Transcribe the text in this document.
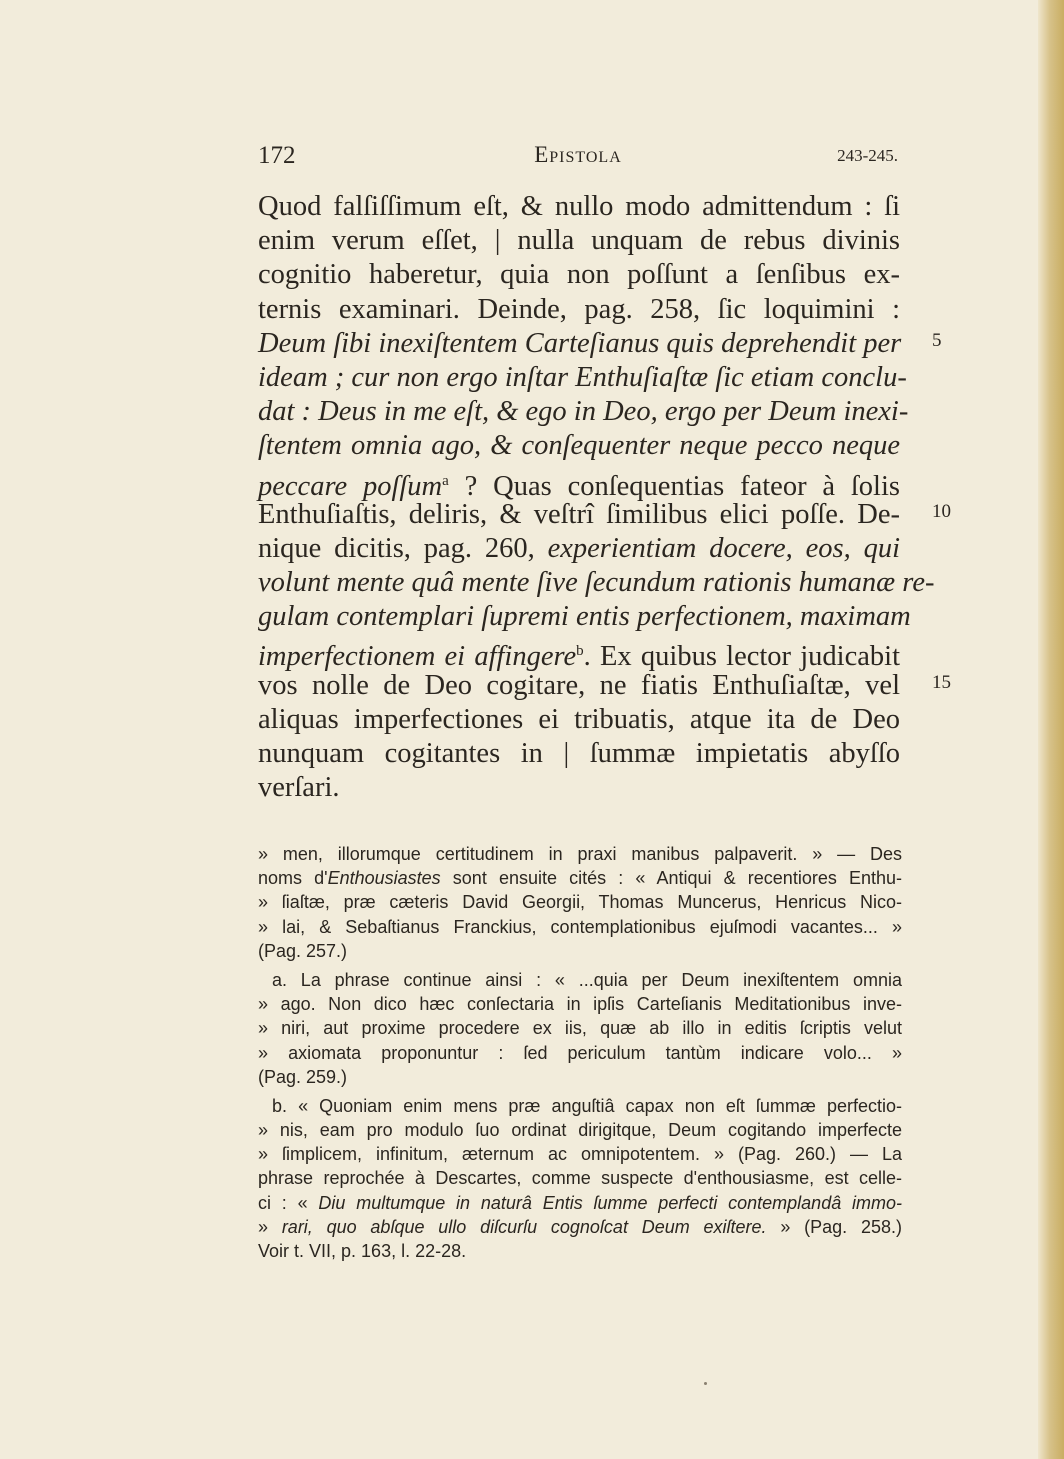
172	Epistola	243-245.
Quod falſiſſimum eſt, & nullo modo admittendum : ſi
enim verum eſſet, | nulla unquam de rebus divinis
cognitio haberetur, quia non poſſunt a ſenſibus ex-
ternis examinari. Deinde, pag. 258, ſic loquimini :
Deum ſibi inexiſtentem Carteſianus quis deprehendit per
ideam ; cur non ergo inſtar Enthuſiaſtæ ſic etiam conclu-
dat : Deus in me eſt, & ego in Deo, ergo per Deum inexi-
ſtentem omnia ago, & conſequenter neque pecco neque
peccare poſſum$^a$ ? Quas conſequentias fateor à ſolis
Enthuſiaſtis, deliris, & veſtrî ſimilibus elici poſſe. De-
nique dicitis, pag. 260, experientiam docere, eos, qui
volunt mente quâ mente ſive ſecundum rationis humanæ re-
gulam contemplari ſupremi entis perfectionem, maximam
imperfectionem ei affingere$^b$. Ex quibus lector judicabit
vos nolle de Deo cogitare, ne fiatis Enthuſiaſtæ, vel
aliquas imperfectiones ei tribuatis, atque ita de Deo
nunquam cogitantes in | ſummæ impietatis abyſſo
verſari.
5
10
15
» men, illorumque certitudinem in praxi manibus palpaverit. » — Des
noms d'Enthousiastes sont ensuite cités : « Antiqui & recentiores Enthu-
» ſiaſtæ, præ cæteris David Georgii, Thomas Muncerus, Henricus Nico-
» lai, & Sebaſtianus Franckius, contemplationibus ejuſmodi vacantes... »
(Pag. 257.)
a. La phrase continue ainsi : « ...quia per Deum inexiſtentem omnia
» ago. Non dico hæc conſectaria in ipſis Carteſianis Meditationibus inve-
» niri, aut proxime procedere ex iis, quæ ab illo in editis ſcriptis velut
» axiomata proponuntur : ſed periculum tantùm indicare volo... »
(Pag. 259.)
b. « Quoniam enim mens præ anguſtiâ capax non eſt ſummæ perfectio-
» nis, eam pro modulo ſuo ordinat dirigitque, Deum cogitando imperfecte
» ſimplicem, infinitum, æternum ac omnipotentem. » (Pag. 260.) — La
phrase reprochée à Descartes, comme suspecte d'enthousiasme, est celle-
ci : « Diu multumque in naturâ Entis ſumme perfecti contemplandâ immo-
» rari, quo abſque ullo diſcurſu cognoſcat Deum exiſtere. » (Pag. 258.)
Voir t. VII, p. 163, l. 22-28.
